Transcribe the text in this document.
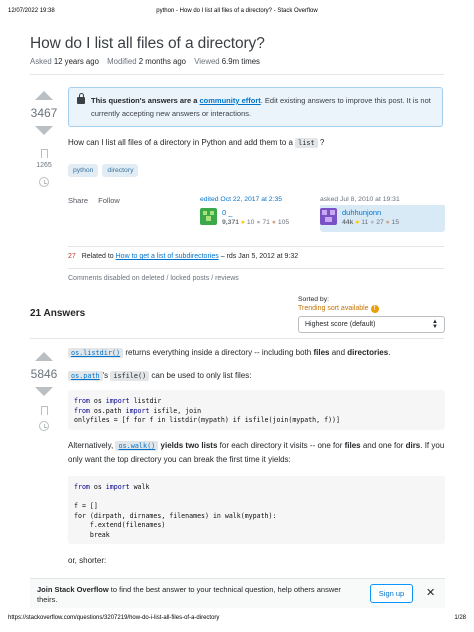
12/07/2022 19:38	python - How do I list all files of a directory? - Stack Overflow
How do I list all files of a directory?
Asked 12 years ago Modified 2 months ago Viewed 6.9m times
3467
1265
This question's answers are a community effort. Edit existing answers to improve this post. It is not currently accepting new answers or interactions.
How can I list all files of a directory in Python and add them to a list ?
python	directory
Share Follow	edited Oct 22, 2017 at 2:35
0 _
9,371 ● 10 ● 71 ● 105
asked Jul 8, 2010 at 19:31
duhhunjonn
44k ● 11 ● 27 ● 15
27 Related to How to get a list of subdirectories – rds Jan 5, 2012 at 9:32
Comments disabled on deleted / locked posts / reviews
21 Answers
Sorted by:
Trending sort available !
Highest score (default)	▲
▼
5846
os.listdir() returns everything inside a directory -- including both files and directories.
os.path 's isfile() can be used to only list files:
from os import listdir
from os.path import isfile, join
onlyfiles = [f for f in listdir(mypath) if isfile(join(mypath, f))]
Alternatively, os.walk() yields two lists for each directory it visits -- one for files and one for dirs. If you only want the top directory you can break the first time it yields:
from os import walk

f = []
for (dirpath, dirnames, filenames) in walk(mypath):
f.extend(filenames)
break
or, shorter:
Join Stack Overflow to find the best answer to your technical question, help others answer theirs.
Sign up	✕
https://stackoverflow.com/questions/3207219/how-do-i-list-all-files-of-a-directory	1/28
